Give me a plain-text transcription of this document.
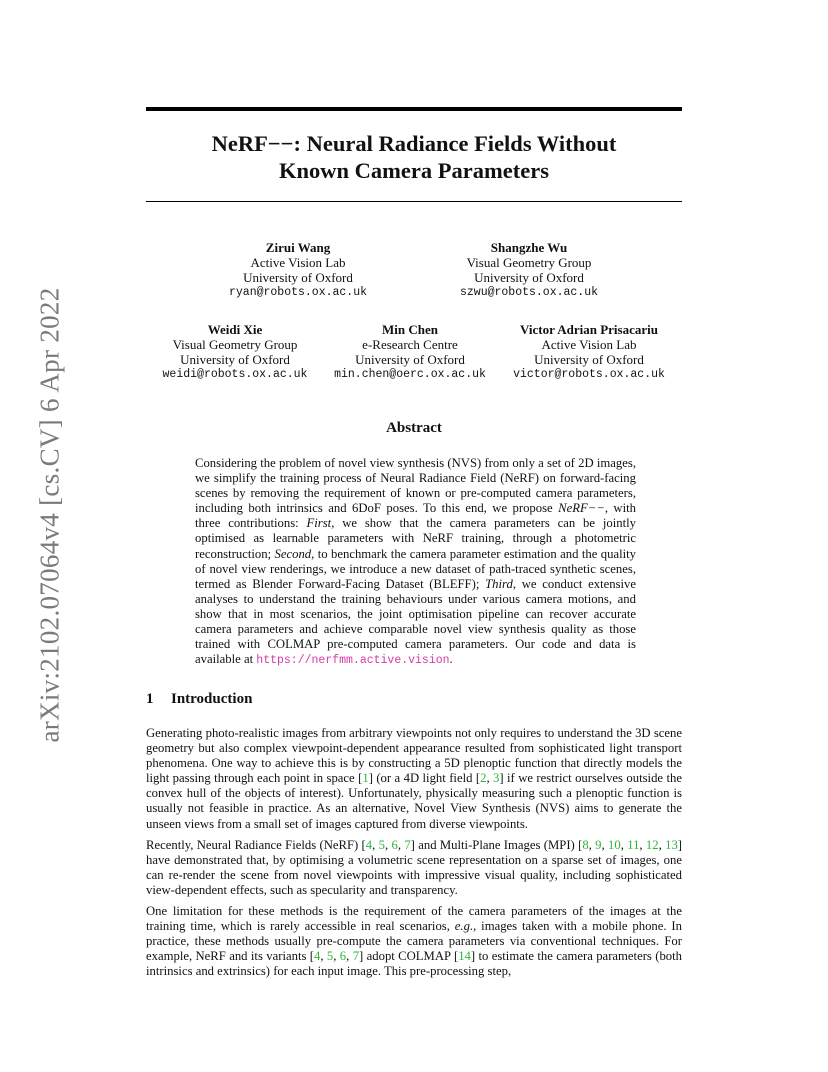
arXiv:2102.07064v4 [cs.CV] 6 Apr 2022
NeRF−−: Neural Radiance Fields Without
Known Camera Parameters
Zirui Wang
Active Vision Lab
University of Oxford
ryan@robots.ox.ac.uk
Shangzhe Wu
Visual Geometry Group
University of Oxford
szwu@robots.ox.ac.uk
Weidi Xie
Visual Geometry Group
University of Oxford
weidi@robots.ox.ac.uk
Min Chen
e-Research Centre
University of Oxford
min.chen@oerc.ox.ac.uk
Victor Adrian Prisacariu
Active Vision Lab
University of Oxford
victor@robots.ox.ac.uk
Abstract
Considering the problem of novel view synthesis (NVS) from only a set of 2D images, we simplify the training process of Neural Radiance Field (NeRF) on forward-facing scenes by removing the requirement of known or pre-computed camera parameters, including both intrinsics and 6DoF poses. To this end, we propose NeRF−−, with three contributions: First, we show that the camera parameters can be jointly optimised as learnable parameters with NeRF training, through a photometric reconstruction; Second, to benchmark the camera parameter estimation and the quality of novel view renderings, we introduce a new dataset of path-traced synthetic scenes, termed as Blender Forward-Facing Dataset (BLEFF); Third, we conduct extensive analyses to understand the training behaviours under various camera motions, and show that in most scenarios, the joint optimisation pipeline can recover accurate camera parameters and achieve comparable novel view synthesis quality as those trained with COLMAP pre-computed camera parameters. Our code and data is available at https://nerfmm.active.vision.
1 Introduction

Generating photo-realistic images from arbitrary viewpoints not only requires to understand the 3D scene geometry but also complex viewpoint-dependent appearance resulted from sophisticated light transport phenomena. One way to achieve this is by constructing a 5D plenoptic function that directly models the light passing through each point in space [1] (or a 4D light field [2, 3] if we restrict ourselves outside the convex hull of the objects of interest). Unfortunately, physically measuring such a plenoptic function is usually not feasible in practice. As an alternative, Novel View Synthesis (NVS) aims to generate the unseen views from a small set of images captured from diverse viewpoints.

Recently, Neural Radiance Fields (NeRF) [4, 5, 6, 7] and Multi-Plane Images (MPI) [8, 9, 10, 11, 12, 13] have demonstrated that, by optimising a volumetric scene representation on a sparse set of images, one can re-render the scene from novel viewpoints with impressive visual quality, including sophisticated view-dependent effects, such as specularity and transparency.

One limitation for these methods is the requirement of the camera parameters of the images at the training time, which is rarely accessible in real scenarios, e.g., images taken with a mobile phone. In practice, these methods usually pre-compute the camera parameters via conventional techniques. For example, NeRF and its variants [4, 5, 6, 7] adopt COLMAP [14] to estimate the camera parameters (both intrinsics and extrinsics) for each input image. This pre-processing step,
